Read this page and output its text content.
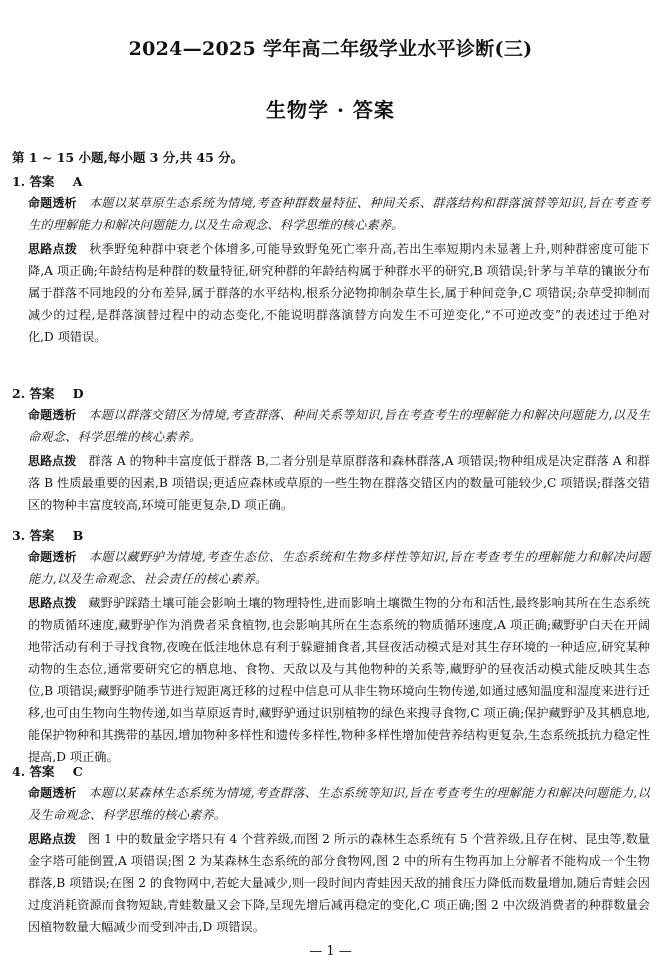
2024—2025 学年高二年级学业水平诊断(三)
生物学 · 答案
第 1 ~ 15 小题,每小题 3 分,共 45 分。
1. 答案 A
命题透析 本题以某草原生态系统为情境,考查种群数量特征、种间关系、群落结构和群落演替等知识,旨在考查考生的理解能力和解决问题能力,以及生命观念、科学思维的核心素养。
思路点拨 秋季野兔种群中衰老个体增多,可能导致野兔死亡率升高,若出生率短期内未显著上升,则种群密度可能下降,A 项正确;年龄结构是种群的数量特征,研究种群的年龄结构属于种群水平的研究,B 项错误;针茅与羊草的镶嵌分布属于群落不同地段的分布差异,属于群落的水平结构,根系分泌物抑制杂草生长,属于种间竞争,C 项错误;杂草受抑制而减少的过程,是群落演替过程中的动态变化,不能说明群落演替方向发生不可逆变化,“不可逆改变”的表述过于绝对化,D 项错误。
2. 答案 D
命题透析 本题以群落交错区为情境,考查群落、种间关系等知识,旨在考查考生的理解能力和解决问题能力,以及生命观念、科学思维的核心素养。
思路点拨 群落 A 的物种丰富度低于群落 B,二者分别是草原群落和森林群落,A 项错误;物种组成是决定群落 A 和群落 B 性质最重要的因素,B 项错误;更适应森林或草原的一些生物在群落交错区内的数量可能较少,C 项错误;群落交错区的物种丰富度较高,环境可能更复杂,D 项正确。
3. 答案 B
命题透析 本题以藏野驴为情境,考查生态位、生态系统和生物多样性等知识,旨在考查考生的理解能力和解决问题能力,以及生命观念、社会责任的核心素养。
思路点拨 藏野驴踩踏土壤可能会影响土壤的物理特性,进而影响土壤微生物的分布和活性,最终影响其所在生态系统的物质循环速度,藏野驴作为消费者采食植物,也会影响其所在生态系统的物质循环速度,A 项正确;藏野驴白天在开阔地带活动有利于寻找食物,夜晚在低洼地休息有利于躲避捕食者,其昼夜活动模式是对其生存环境的一种适应,研究某种动物的生态位,通常要研究它的栖息地、食物、天敌以及与其他物种的关系等,藏野驴的昼夜活动模式能反映其生态位,B 项错误;藏野驴随季节进行短距离迁移的过程中信息可从非生物环境向生物传递,如通过感知温度和湿度来进行迁移,也可由生物向生物传递,如当草原返青时,藏野驴通过识别植物的绿色来搜寻食物,C 项正确;保护藏野驴及其栖息地,能保护物种和其携带的基因,增加物种多样性和遗传多样性,物种多样性增加使营养结构更复杂,生态系统抵抗力稳定性提高,D 项正确。
4. 答案 C
命题透析 本题以某森林生态系统为情境,考查群落、生态系统等知识,旨在考查考生的理解能力和解决问题能力,以及生命观念、科学思维的核心素养。
思路点拨 图 1 中的数量金字塔只有 4 个营养级,而图 2 所示的森林生态系统有 5 个营养级,且存在树、昆虫等,数量金字塔可能倒置,A 项错误;图 2 为某森林生态系统的部分食物网,图 2 中的所有生物再加上分解者不能构成一个生物群落,B 项错误;在图 2 的食物网中,若蛇大量减少,则一段时间内青蛙因天敌的捕食压力降低而数量增加,随后青蛙会因过度消耗资源而食物短缺,青蛙数量又会下降,呈现先增后减再稳定的变化,C 项正确;图 2 中次级消费者的种群数量会因植物数量大幅减少而受到冲击,D 项错误。
— 1 —
